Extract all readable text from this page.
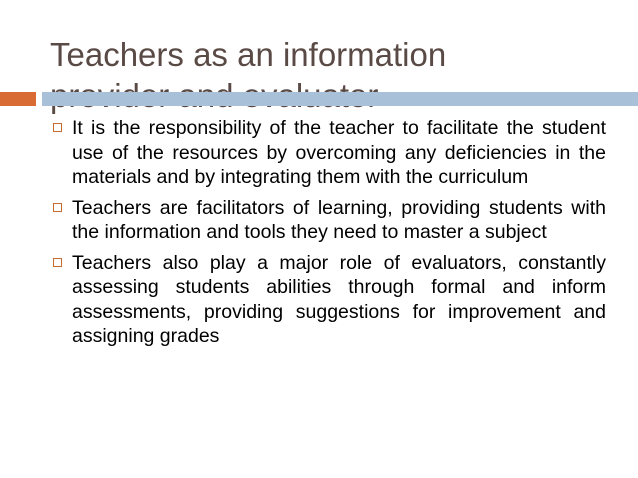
Teachers as an information
It is the responsibility of the teacher to facilitate the student use of the resources by overcoming any deficiencies in the materials and by integrating them with the curriculum
Teachers are facilitators of learning, providing students with the information and tools they need to master a subject
Teachers also play a major role of evaluators, constantly assessing students abilities through formal and inform assessments, providing suggestions for improvement and assigning grades
